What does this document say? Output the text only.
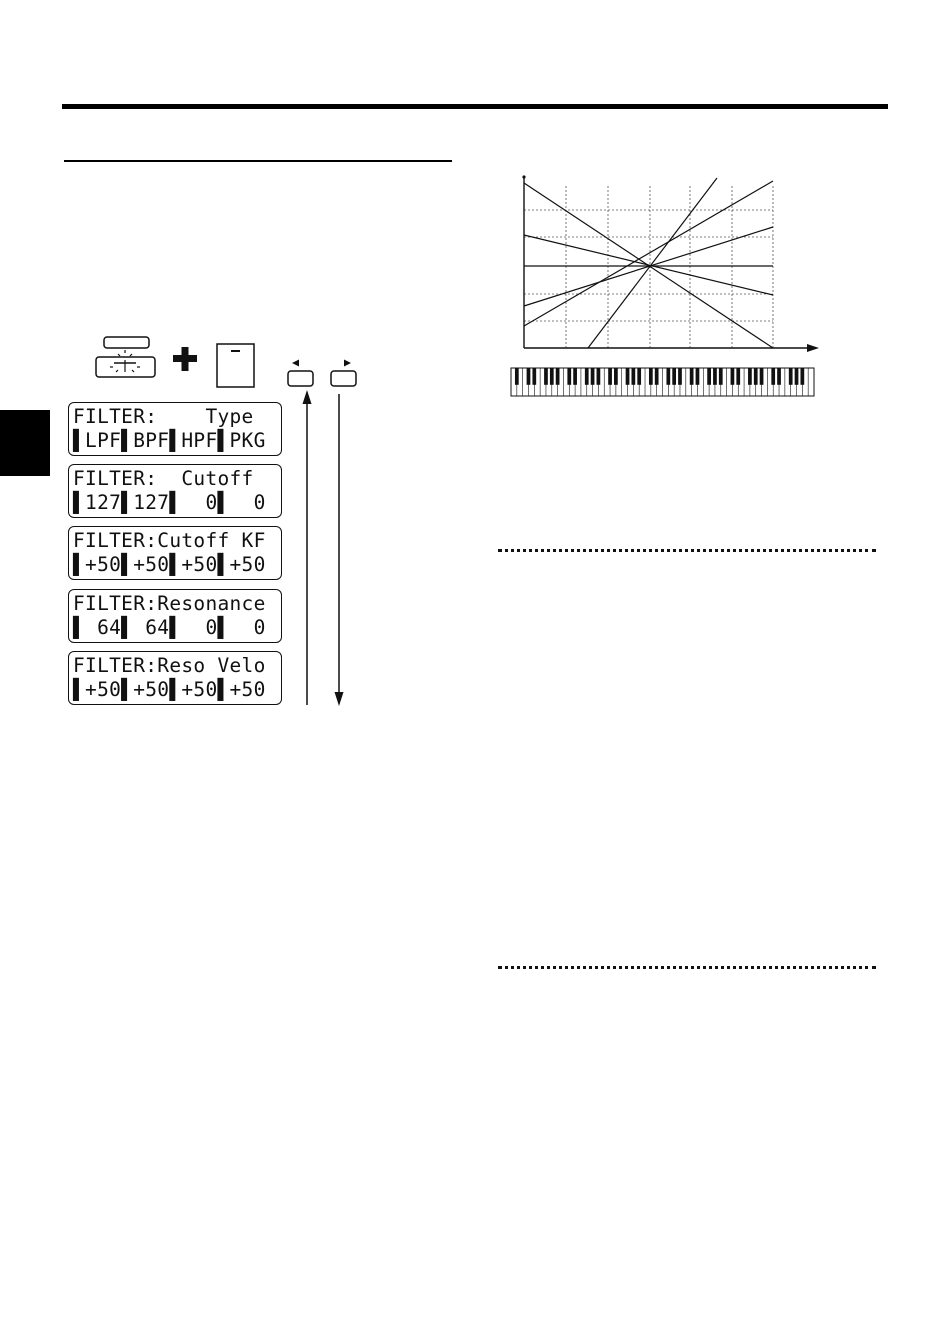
FILTER:    Type
▌LPF▌BPF▌HPF▌PKG
FILTER:  Cutoff
▌127▌127▌  0▌  0
FILTER:Cutoff KF
▌+50▌+50▌+50▌+50
FILTER:Resonance
▌ 64▌ 64▌  0▌  0
FILTER:Reso Velo
▌+50▌+50▌+50▌+50
